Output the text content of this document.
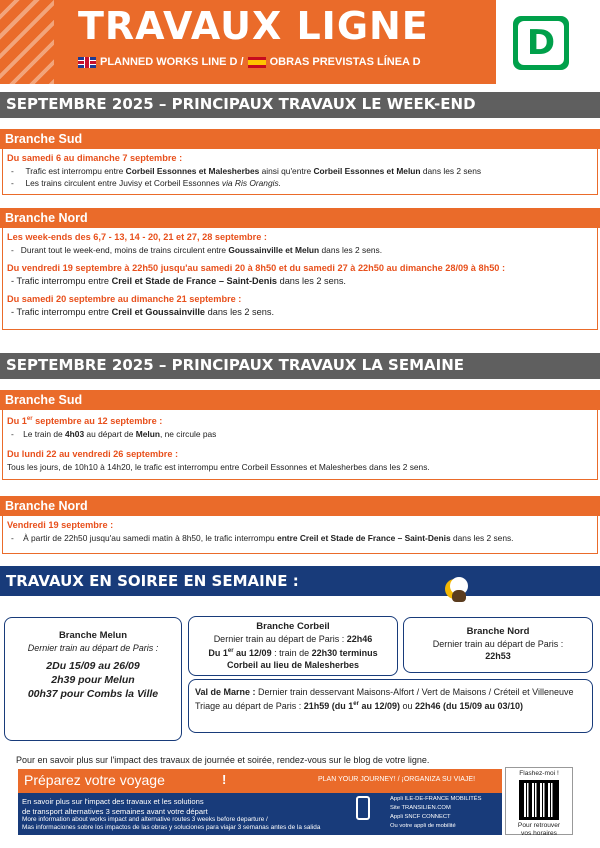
TRAVAUX LIGNE
PLANNED WORKS LINE D / OBRAS PREVISTAS LÍNEA D	D
SEPTEMBRE 2025 – PRINCIPAUX TRAVAUX LE WEEK-END
Branche Sud
Du samedi 6 au dimanche 7 septembre :
-     Trafic est interrompu entre Corbeil Essonnes et Malesherbes ainsi qu'entre Corbeil Essonnes et Melun dans les 2 sens
-     Les trains circulent entre Juvisy et Corbeil Essonnes via Ris Orangis.
Branche Nord
Les week-ends des 6,7 - 13, 14 - 20, 21 et 27, 28 septembre :
-   Durant tout le week-end, moins de trains circulent entre Goussainville et Melun dans les 2 sens.
Du vendredi 19 septembre à 22h50 jusqu'au samedi 20 à 8h50 et du samedi 27 à 22h50 au dimanche 28/09 à 8h50 :
- Trafic interrompu entre Creil et Stade de France – Saint-Denis dans les 2 sens.
Du samedi 20 septembre au dimanche 21 septembre :
- Trafic interrompu entre Creil et Goussainville dans les 2 sens.
SEPTEMBRE 2025 – PRINCIPAUX TRAVAUX LA SEMAINE
Branche Sud
Du 1er septembre au 12 septembre :
-    Le train de 4h03 au départ de Melun, ne circule pas
Du lundi 22 au vendredi 26 septembre :
Tous les jours, de 10h10 à 14h20, le trafic est interrompu entre Corbeil Essonnes et Malesherbes dans les 2 sens.
Branche Nord
Vendredi 19 septembre :
-    À partir de 22h50 jusqu'au samedi matin à 8h50, le trafic interrompu entre Creil et Stade de France – Saint-Denis dans les 2 sens.
TRAVAUX EN SOIREE EN SEMAINE :
Branche Melun
Dernier train au départ de Paris :
2Du 15/09 au 26/09
2h39 pour Melun
00h37 pour Combs la Ville
Branche Corbeil
Dernier train au départ de Paris : 22h46
Du 1er au 12/09 : train de 22h30 terminus
Corbeil au lieu de Malesherbes
Branche Nord
Dernier train au départ de Paris :
22h53
Val de Marne : Dernier train desservant Maisons-Alfort / Vert de Maisons / Créteil et Villeneuve Triage au départ de Paris : 21h59 (du 1er au 12/09) ou 22h46 (du 15/09 au 03/10)
Pour en savoir plus sur l'impact des travaux de journée et soirée, rendez-vous sur le blog de votre ligne.
Préparez votre voyage	!	PLAN YOUR JOURNEY! / ¡ORGANIZA SU VIAJE!
En savoir plus sur l'impact des travaux et les solutions
de transport alternatives 3 semaines avant votre départ
More information about works impact and alternative routes 3 weeks before departure /
Mas informaciones sobre los impactos de las obras y soluciones para viajar 3 semanas antes de la salida
Appli ILE-DE-FRANCE MOBILITÉS
Site TRANSILIEN.COM
Appli SNCF CONNECT
Ou votre appli de mobilité
Flashez-moi !
Pour retrouver
vos horaires
